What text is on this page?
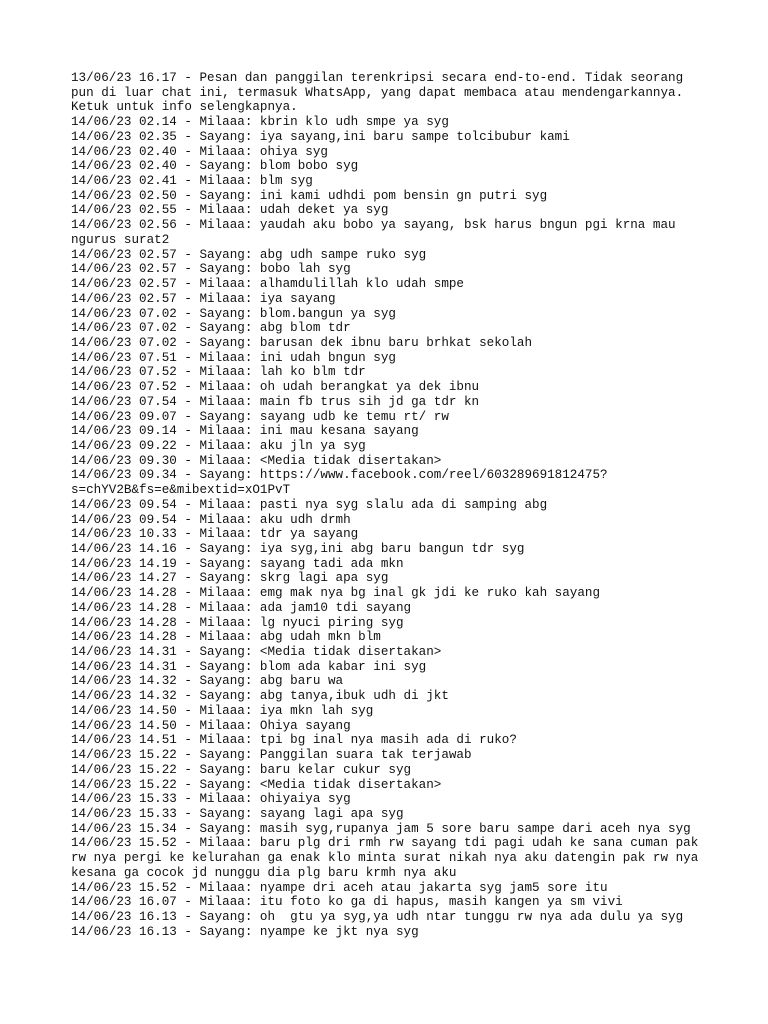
13/06/23 16.17 - Pesan dan panggilan terenkripsi secara end-to-end. Tidak seorang
pun di luar chat ini, termasuk WhatsApp, yang dapat membaca atau mendengarkannya.
Ketuk untuk info selengkapnya.
14/06/23 02.14 - Milaaa: kbrin klo udh smpe ya syg
14/06/23 02.35 - Sayang: iya sayang,ini baru sampe tolcibubur kami
14/06/23 02.40 - Milaaa: ohiya syg
14/06/23 02.40 - Sayang: blom bobo syg
14/06/23 02.41 - Milaaa: blm syg
14/06/23 02.50 - Sayang: ini kami udhdi pom bensin gn putri syg
14/06/23 02.55 - Milaaa: udah deket ya syg
14/06/23 02.56 - Milaaa: yaudah aku bobo ya sayang, bsk harus bngun pgi krna mau
ngurus surat2
14/06/23 02.57 - Sayang: abg udh sampe ruko syg
14/06/23 02.57 - Sayang: bobo lah syg
14/06/23 02.57 - Milaaa: alhamdulillah klo udah smpe
14/06/23 02.57 - Milaaa: iya sayang
14/06/23 07.02 - Sayang: blom.bangun ya syg
14/06/23 07.02 - Sayang: abg blom tdr
14/06/23 07.02 - Sayang: barusan dek ibnu baru brhkat sekolah
14/06/23 07.51 - Milaaa: ini udah bngun syg
14/06/23 07.52 - Milaaa: lah ko blm tdr
14/06/23 07.52 - Milaaa: oh udah berangkat ya dek ibnu
14/06/23 07.54 - Milaaa: main fb trus sih jd ga tdr kn
14/06/23 09.07 - Sayang: sayang udb ke temu rt/ rw
14/06/23 09.14 - Milaaa: ini mau kesana sayang
14/06/23 09.22 - Milaaa: aku jln ya syg
14/06/23 09.30 - Milaaa: <Media tidak disertakan>
14/06/23 09.34 - Sayang: https://www.facebook.com/reel/603289691812475?
s=chYV2B&fs=e&mibextid=xO1PvT
14/06/23 09.54 - Milaaa: pasti nya syg slalu ada di samping abg
14/06/23 09.54 - Milaaa: aku udh drmh
14/06/23 10.33 - Milaaa: tdr ya sayang
14/06/23 14.16 - Sayang: iya syg,ini abg baru bangun tdr syg
14/06/23 14.19 - Sayang: sayang tadi ada mkn
14/06/23 14.27 - Sayang: skrg lagi apa syg
14/06/23 14.28 - Milaaa: emg mak nya bg inal gk jdi ke ruko kah sayang
14/06/23 14.28 - Milaaa: ada jam10 tdi sayang
14/06/23 14.28 - Milaaa: lg nyuci piring syg
14/06/23 14.28 - Milaaa: abg udah mkn blm
14/06/23 14.31 - Sayang: <Media tidak disertakan>
14/06/23 14.31 - Sayang: blom ada kabar ini syg
14/06/23 14.32 - Sayang: abg baru wa
14/06/23 14.32 - Sayang: abg tanya,ibuk udh di jkt
14/06/23 14.50 - Milaaa: iya mkn lah syg
14/06/23 14.50 - Milaaa: Ohiya sayang
14/06/23 14.51 - Milaaa: tpi bg inal nya masih ada di ruko?
14/06/23 15.22 - Sayang: Panggilan suara tak terjawab
14/06/23 15.22 - Sayang: baru kelar cukur syg
14/06/23 15.22 - Sayang: <Media tidak disertakan>
14/06/23 15.33 - Milaaa: ohiyaiya syg
14/06/23 15.33 - Sayang: sayang lagi apa syg
14/06/23 15.34 - Sayang: masih syg,rupanya jam 5 sore baru sampe dari aceh nya syg
14/06/23 15.52 - Milaaa: baru plg dri rmh rw sayang tdi pagi udah ke sana cuman pak
rw nya pergi ke kelurahan ga enak klo minta surat nikah nya aku datengin pak rw nya
kesana ga cocok jd nunggu dia plg baru krmh nya aku
14/06/23 15.52 - Milaaa: nyampe dri aceh atau jakarta syg jam5 sore itu
14/06/23 16.07 - Milaaa: itu foto ko ga di hapus, masih kangen ya sm vivi
14/06/23 16.13 - Sayang: oh  gtu ya syg,ya udh ntar tunggu rw nya ada dulu ya syg
14/06/23 16.13 - Sayang: nyampe ke jkt nya syg
